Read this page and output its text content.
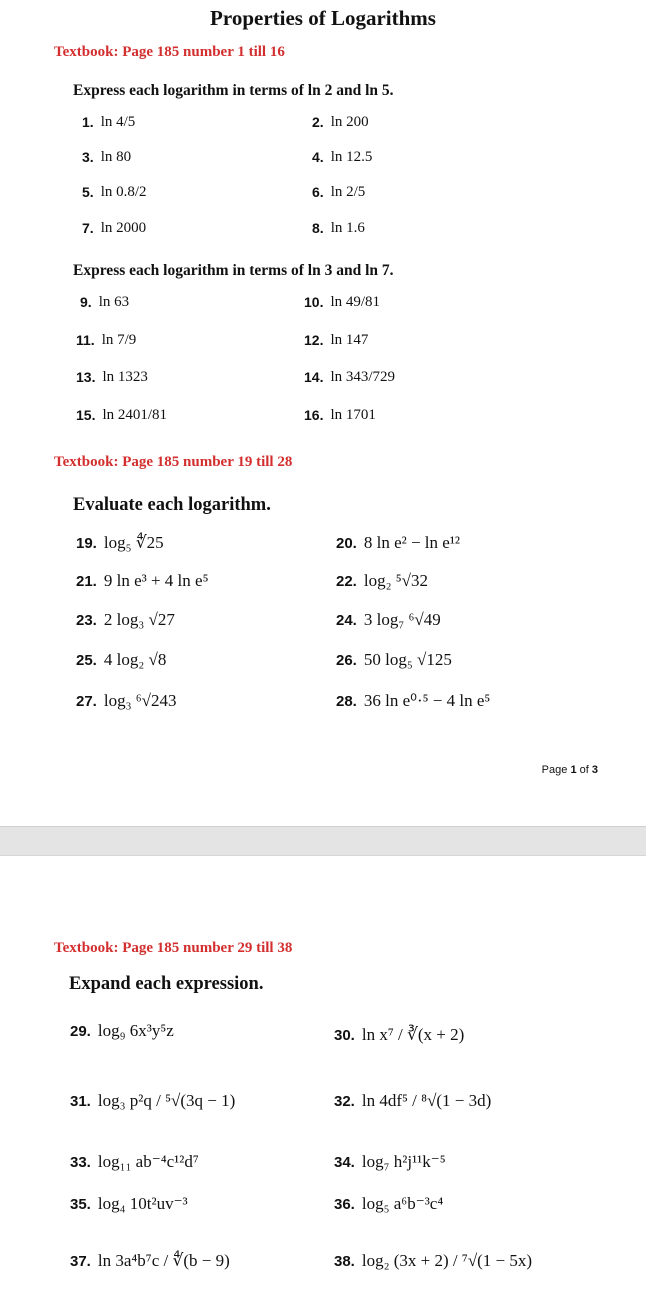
Properties of Logarithms
Textbook: Page 185 number 1 till 16
Express each logarithm in terms of ln 2 and ln 5.
1. ln 4/5	2. ln 200
3. ln 80	4. ln 12.5
5. ln 0.8/2	6. ln 2/5
7. ln 2000	8. ln 1.6
Express each logarithm in terms of ln 3 and ln 7.
9. ln 63	10. ln 49/81
11. ln 7/9	12. ln 147
13. ln 1323	14. ln 343/729
15. ln 2401/81	16. ln 1701
Textbook: Page 185 number 19 till 28
Evaluate each logarithm.
19. log₅ ∜25	20. 8 ln e² − ln e¹²
21. 9 ln e³ + 4 ln e⁵	22. log₂ ⁵√32
23. 2 log₃ √27	24. 3 log₇ ⁶√49
25. 4 log₂ √8	26. 50 log₅ √125
27. log₃ ⁶√243	28. 36 ln e⁰·⁵ − 4 ln e⁵
Page 1 of 3
Textbook: Page 185 number 29 till 38
Expand each expression.
29. log₉ 6x³y⁵z	30. ln x⁷ / ∛(x + 2)
31. log₃ p²q / ⁵√(3q − 1)	32. ln 4df⁵ / ⁸√(1 − 3d)
33. log₁₁ ab⁻⁴c¹²d⁷	34. log₇ h²j¹¹k⁻⁵
35. log₄ 10t²uv⁻³	36. log₅ a⁶b⁻³c⁴
37. ln 3a⁴b⁷c / ∜(b − 9)	38. log₂ (3x + 2) / ⁷√(1 − 5x)
